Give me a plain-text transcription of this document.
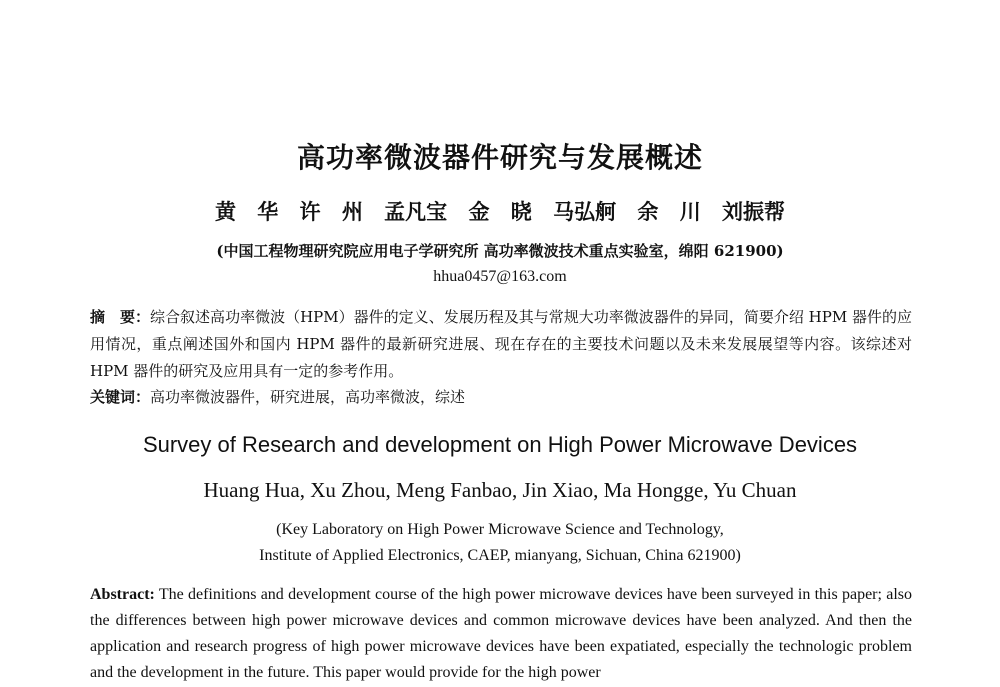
高功率微波器件研究与发展概述
黄 华 许 州 孟凡宝 金 晓 马弘舸 余 川 刘振帮
(中国工程物理研究院应用电子学研究所 高功率微波技术重点实验室，绵阳 621900)
hhua0457@163.com
摘　要：综合叙述高功率微波（HPM）器件的定义、发展历程及其与常规大功率微波器件的异同，简要介绍 HPM 器件的应用情况，重点阐述国外和国内 HPM 器件的最新研究进展、现在存在的主要技术问题以及未来发展展望等内容。该综述对 HPM 器件的研究及应用具有一定的参考作用。
关键词：高功率微波器件，研究进展，高功率微波，综述
Survey of Research and development on High Power Microwave Devices
Huang Hua, Xu Zhou, Meng Fanbao, Jin Xiao, Ma Hongge, Yu Chuan
(Key Laboratory on High Power Microwave Science and Technology,
Institute of Applied Electronics, CAEP, mianyang, Sichuan, China 621900)
Abstract: The definitions and development course of the high power microwave devices have been surveyed in this paper; also the differences between high power microwave devices and common microwave devices have been analyzed. And then the application and research progress of high power microwave devices have been expatiated, especially the technologic problem and the development in the future. This paper would provide for the high power
